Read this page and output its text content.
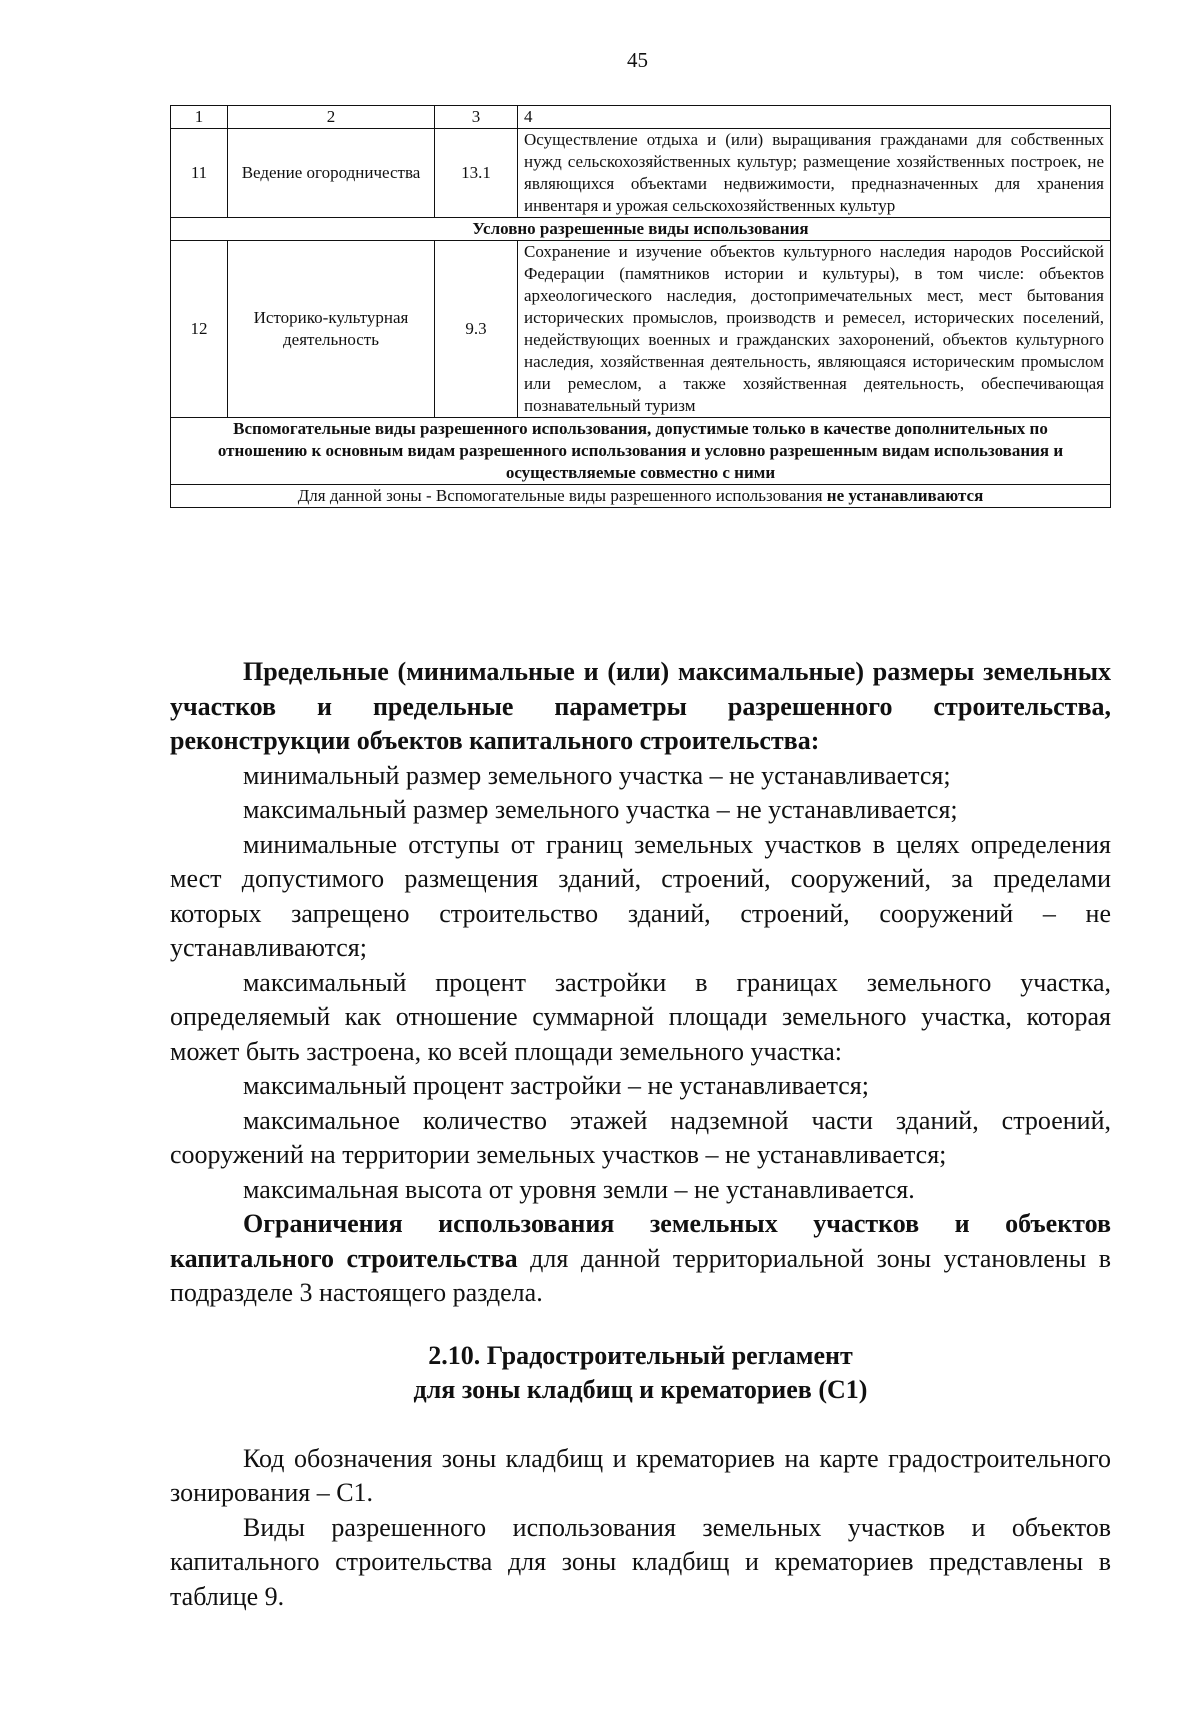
45
1	2	3	4
11	Ведение огородничества	13.1	Осуществление отдыха и (или) выращивания гражданами для собственных нужд сельскохозяйственных культур; размещение хозяйственных построек, не являющихся объектами недвижимости, предназначенных для хранения инвентаря и урожая сельскохозяйственных культур
Условно разрешенные виды использования			
12	Историко-культурная деятельность	9.3	Сохранение и изучение объектов культурного наследия народов Российской Федерации (памятников истории и культуры), в том числе: объектов археологического наследия, достопримечательных мест, мест бытования исторических промыслов, производств и ремесел, исторических поселений, недействующих военных и гражданских захоронений, объектов культурного наследия, хозяйственная деятельность, являющаяся историческим промыслом или ремеслом, а также хозяйственная деятельность, обеспечивающая познавательный туризм
Вспомогательные виды разрешенного использования, допустимые только в качестве дополнительных по отношению к основным видам разрешенного использования и условно разрешенным видам использования и осуществляемые совместно с ними			
Для данной зоны - Вспомогательные виды разрешенного использования не устанавливаются			

Предельные (минимальные и (или) максимальные) размеры земельных участков и предельные параметры разрешенного строительства, реконструкции объектов капитального строительства:

минимальный размер земельного участка – не устанавливается;

максимальный размер земельного участка – не устанавливается;

минимальные отступы от границ земельных участков в целях определения мест допустимого размещения зданий, строений, сооружений, за пределами которых запрещено строительство зданий, строений, сооружений – не устанавливаются;

максимальный процент застройки в границах земельного участка, определяемый как отношение суммарной площади земельного участка, которая может быть застроена, ко всей площади земельного участка:

максимальный процент застройки – не устанавливается;

максимальное количество этажей надземной части зданий, строений, сооружений на территории земельных участков – не устанавливается;

максимальная высота от уровня земли – не устанавливается.

Ограничения использования земельных участков и объектов капитального строительства для данной территориальной зоны установлены в подразделе 3 настоящего раздела.

2.10. Градостроительный регламент

для зоны кладбищ и крематориев (С1)

Код обозначения зоны кладбищ и крематориев на карте градостроительного зонирования – С1.

Виды разрешенного использования земельных участков и объектов капитального строительства для зоны кладбищ и крематориев представлены в таблице 9.
